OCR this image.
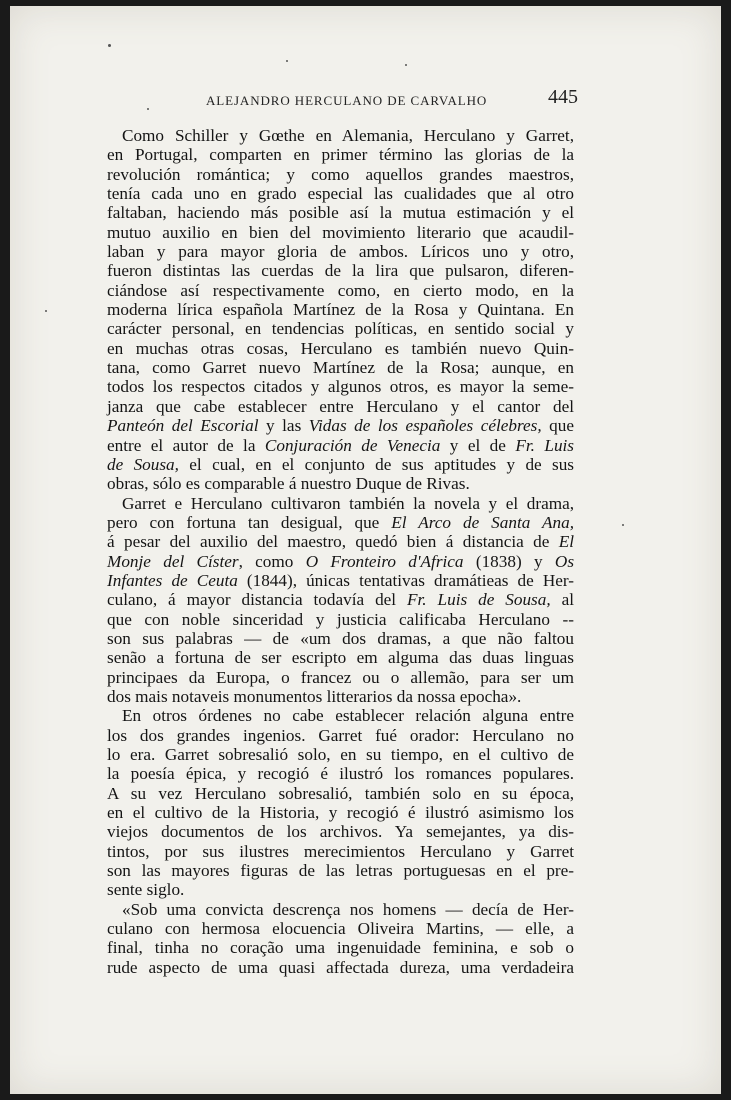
ALEJANDRO HERCULANO DE CARVALHO	445
Como Schiller y Gœthe en Alemania, Herculano y Garret,
en Portugal, comparten en primer término las glorias de la
revolución romántica; y como aquellos grandes maestros,
tenía cada uno en grado especial las cualidades que al otro
faltaban, haciendo más posible así la mutua estimación y el
mutuo auxilio en bien del movimiento literario que acaudil-
laban y para mayor gloria de ambos. Líricos uno y otro,
fueron distintas las cuerdas de la lira que pulsaron, diferen-
ciándose así respectivamente como, en cierto modo, en la
moderna lírica española Martínez de la Rosa y Quintana. En
carácter personal, en tendencias políticas, en sentido social y
en muchas otras cosas, Herculano es también nuevo Quin-
tana, como Garret nuevo Martínez de la Rosa; aunque, en
todos los respectos citados y algunos otros, es mayor la seme-
janza que cabe establecer entre Herculano y el cantor del
Panteón del Escorial y las Vidas de los españoles célebres, que
entre el autor de la Conjuración de Venecia y el de Fr. Luis
de Sousa, el cual, en el conjunto de sus aptitudes y de sus
obras, sólo es comparable á nuestro Duque de Rivas.
Garret e Herculano cultivaron también la novela y el drama,
pero con fortuna tan desigual, que El Arco de Santa Ana,
á pesar del auxilio del maestro, quedó bien á distancia de El
Monje del Císter, como O Fronteiro d'Africa (1838) y Os
Infantes de Ceuta (1844), únicas tentativas dramátieas de Her-
culano, á mayor distancia todavía del Fr. Luis de Sousa, al
que con noble sinceridad y justicia calificaba Herculano --
son sus palabras — de «um dos dramas, a que não faltou
senão a fortuna de ser escripto em alguma das duas linguas
principaes da Europa, o francez ou o allemão, para ser um
dos mais notaveis monumentos litterarios da nossa epocha».
En otros órdenes no cabe establecer relación alguna entre
los dos grandes ingenios. Garret fué orador: Herculano no
lo era. Garret sobresalió solo, en su tiempo, en el cultivo de
la poesía épica, y recogió é ilustró los romances populares.
A su vez Herculano sobresalió, también solo en su época,
en el cultivo de la Historia, y recogió é ilustró asimismo los
viejos documentos de los archivos. Ya semejantes, ya dis-
tintos, por sus ilustres merecimientos Herculano y Garret
son las mayores figuras de las letras portuguesas en el pre-
sente siglo.
«Sob uma convicta descrença nos homens — decía de Her-
culano con hermosa elocuencia Oliveira Martins, — elle, a
final, tinha no coração uma ingenuidade feminina, e sob o
rude aspecto de uma quasi affectada dureza, uma verdadeira
